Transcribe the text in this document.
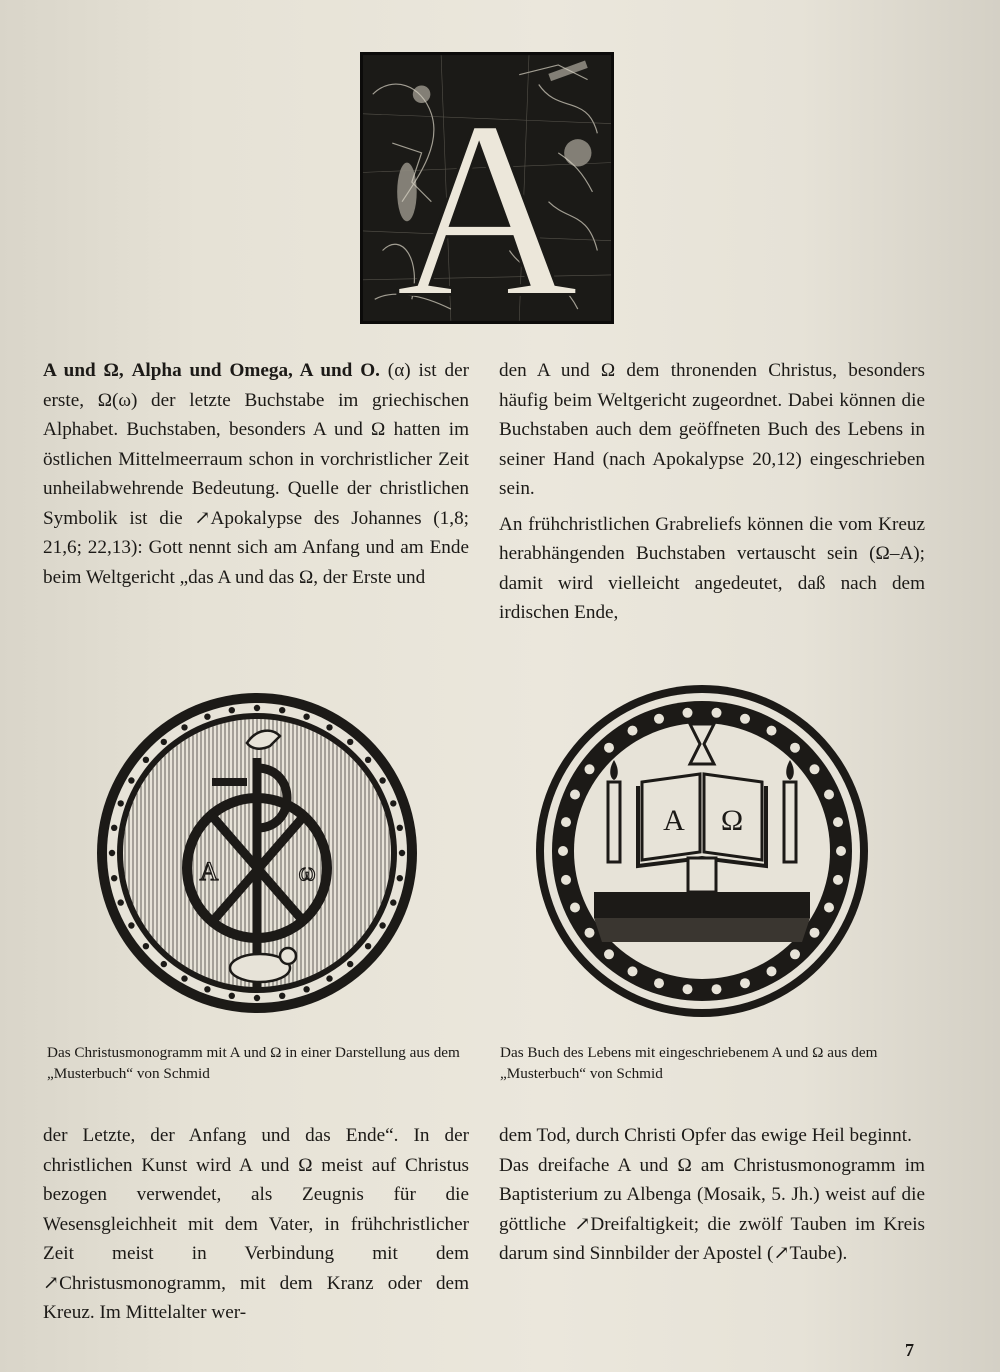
A

A und Ω, Alpha und Omega, A und O. (α) ist der erste, Ω(ω) der letzte Buchstabe im griechischen Alphabet. Buchstaben, besonders A und Ω hatten im östlichen Mittelmeerraum schon in vorchristlicher Zeit unheilabwehrende Bedeutung. Quelle der christlichen Symbolik ist die ↗Apokalypse des Johannes (1,8; 21,6; 22,13): Gott nennt sich am Anfang und am Ende beim Weltgericht „das A und das Ω, der Erste und

den A und Ω dem thronenden Christus, besonders häufig beim Weltgericht zugeordnet. Dabei können die Buchstaben auch dem geöffneten Buch des Lebens in seiner Hand (nach Apokalypse 20,12) eingeschrieben sein.

An frühchristlichen Grabreliefs können die vom Kreuz herabhängenden Buchstaben vertauscht sein (Ω–A); damit wird vielleicht angedeutet, daß nach dem irdischen Ende,

A	ω
A Ω
Das Christusmonogramm mit A und Ω in einer Darstellung aus dem „Musterbuch“ von Schmid
Das Buch des Lebens mit eingeschriebenem A und Ω aus dem „Musterbuch“ von Schmid

der Letzte, der Anfang und das Ende“. In der christlichen Kunst wird A und Ω meist auf Christus bezogen verwendet, als Zeugnis für die Wesensgleichheit mit dem Vater, in frühchristlicher Zeit meist in Verbindung mit dem ↗Christusmonogramm, mit dem Kranz oder dem Kreuz. Im Mittelalter wer-

dem Tod, durch Christi Opfer das ewige Heil beginnt.

Das dreifache A und Ω am Christusmonogramm im Baptisterium zu Albenga (Mosaik, 5. Jh.) weist auf die göttliche ↗Dreifaltigkeit; die zwölf Tauben im Kreis darum sind Sinnbilder der Apostel (↗Taube).

7
